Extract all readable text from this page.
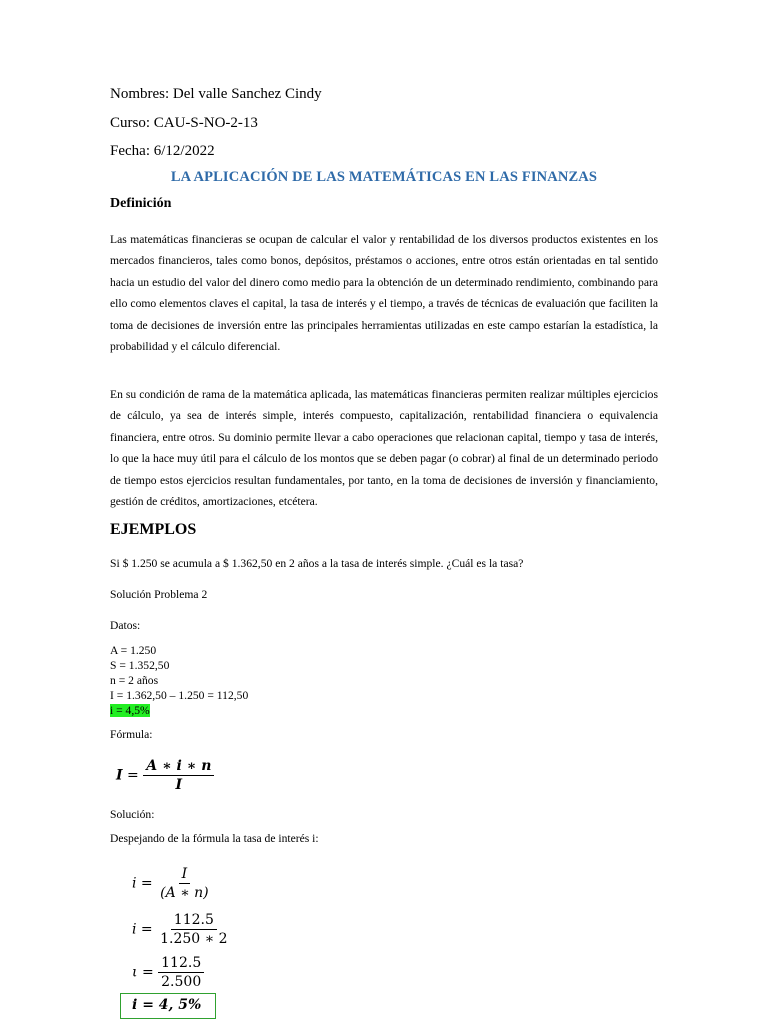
Nombres: Del valle Sanchez Cindy
Curso: CAU-S-NO-2-13
Fecha: 6/12/2022
LA APLICACIÓN DE LAS MATEMÁTICAS EN LAS FINANZAS
Definición

Las matemáticas financieras se ocupan de calcular el valor y rentabilidad de los diversos productos existentes en los mercados financieros, tales como bonos, depósitos, préstamos o acciones, entre otros están orientadas en tal sentido hacia un estudio del valor del dinero como medio para la obtención de un determinado rendimiento, combinando para ello como elementos claves el capital, la tasa de interés y el tiempo, a través de técnicas de evaluación que faciliten la toma de decisiones de inversión entre las principales herramientas utilizadas en este campo estarían la estadística, la probabilidad y el cálculo diferencial.

En su condición de rama de la matemática aplicada, las matemáticas financieras permiten realizar múltiples ejercicios de cálculo, ya sea de interés simple, interés compuesto, capitalización, rentabilidad financiera o equivalencia financiera, entre otros. Su dominio permite llevar a cabo operaciones que relacionan capital, tiempo y tasa de interés, lo que la hace muy útil para el cálculo de los montos que se deben pagar (o cobrar) al final de un determinado periodo de tiempo estos ejercicios resultan fundamentales, por tanto, en la toma de decisiones de inversión y financiamiento, gestión de créditos, amortizaciones, etcétera.

EJEMPLOS
Si $ 1.250 se acumula a $ 1.362,50 en 2 años a la tasa de interés simple. ¿Cuál es la tasa?
Solución Problema 2
Datos:
A = 1.250
S = 1.352,50
n = 2 años
I = 1.362,50 – 1.250 = 112,50
i = 4,5%
Fórmula:
$I = \frac{A ∗ i ∗ n}{I}$
Solución:
Despejando de la fórmula la tasa de interés i:
$i = \frac{I}{(A ∗ n)}$
$i = \frac{112.5}{1.250 ∗ 2}$
$\iota = \frac{112.5}{2.500}$
i = 4, 5%
